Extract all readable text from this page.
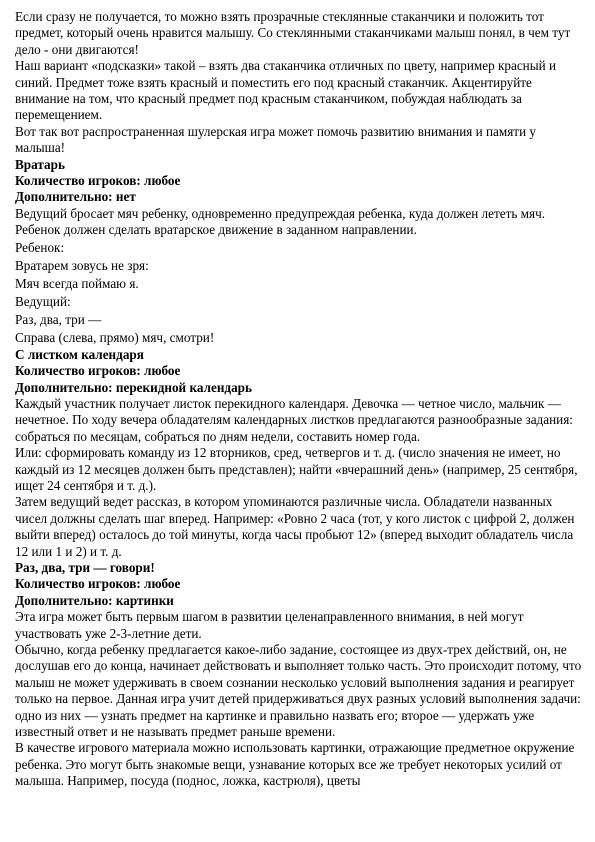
Если сразу не получается, то можно взять прозрачные стеклянные стаканчики и положить тот предмет, который очень нравится малышу. Со стеклянными стаканчиками малыш понял, в чем тут дело - они двигаются!

Наш вариант «подсказки» такой – взять два стаканчика отличных по цвету, например красный и синий. Предмет тоже взять красный и поместить его под красный стаканчик. Акцентируйте внимание на том, что красный предмет под красным стаканчиком, побуждая наблюдать за перемещением.

Вот так вот распространенная шулерская игра может помочь развитию внимания и памяти у малыша!

Вратарь

Количество игроков: любое

Дополнительно: нет

Ведущий бросает мяч ребенку, одновременно предупреждая ребенка, куда должен лететь мяч. Ребенок должен сделать вратарское движение в заданном направлении.

Ребенок:

Вратарем зовусь не зря:

Мяч всегда поймаю я.

Ведущий:

Раз, два, три —

Справа (слева, прямо) мяч, смотри!

С листком календаря

Количество игроков: любое

Дополнительно: перекидной календарь

Каждый участник получает листок перекидного календаря. Девочка — четное число, мальчик — нечетное. По ходу вечера обладателям календарных листков предлагаются разнообразные задания: собраться по месяцам, собраться по дням недели, составить номер года.

Или: сформировать команду из 12 вторников, сред, четвергов и т. д. (число значения не имеет, но каждый из 12 месяцев должен быть представлен); найти «вчерашний день» (например, 25 сентября, ищет 24 сентября и т. д.).

Затем ведущий ведет рассказ, в котором упоминаются различные числа. Обладатели названных чисел должны сделать шаг вперед. Например: «Ровно 2 часа (тот, у кого листок с цифрой 2, должен выйти вперед) осталось до той минуты, когда часы пробьют 12» (вперед выходит обладатель числа 12 или 1 и 2) и т. д.

Раз, два, три — говори!

Количество игроков: любое

Дополнительно: картинки

Эта игра может быть первым шагом в развитии целенаправленного внимания, в ней могут участвовать уже 2-3-летние дети.

Обычно, когда ребенку предлагается какое-либо задание, состоящее из двух-трех действий, он, не дослушав его до конца, начинает действовать и выполняет только часть. Это происходит потому, что малыш не может удерживать в своем сознании несколько условий выполнения задания и реагирует только на первое. Данная игра учит детей придерживаться двух разных условий выполнения задачи: одно из них — узнать предмет на картинке и правильно назвать его; второе — удержать уже известный ответ и не называть предмет раньше времени.

В качестве игрового материала можно использовать картинки, отражающие предметное окружение ребенка. Это могут быть знакомые вещи, узнавание которых все же требует некоторых усилий от малыша. Например, посуда (поднос, ложка, кастрюля), цветы
